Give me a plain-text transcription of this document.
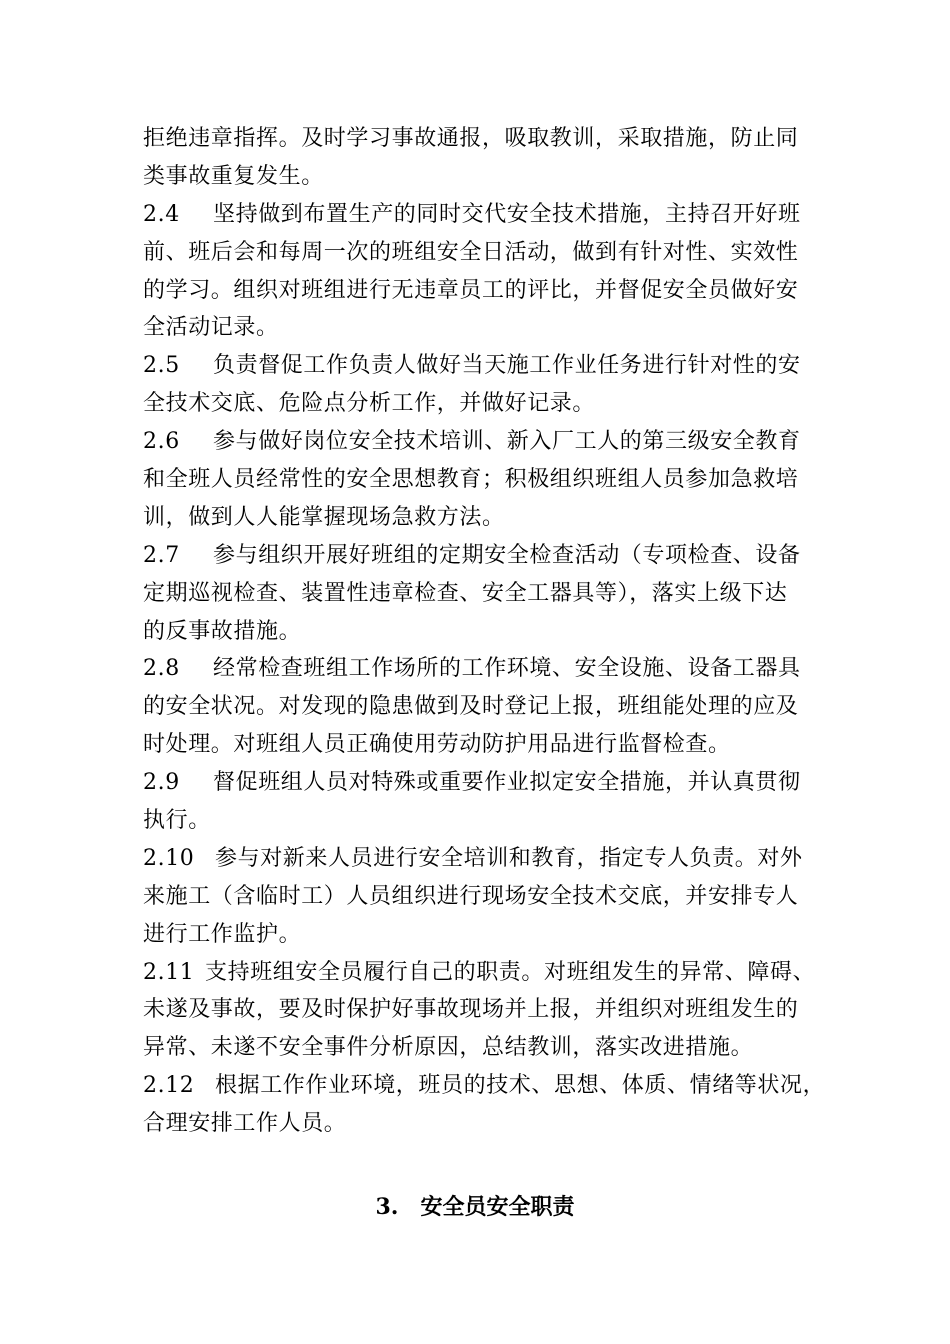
拒绝违章指挥。及时学习事故通报，吸取教训，采取措施，防止同
类事故重复发生。
2.4 坚持做到布置生产的同时交代安全技术措施，主持召开好班
前、班后会和每周一次的班组安全日活动，做到有针对性、实效性
的学习。组织对班组进行无违章员工的评比，并督促安全员做好安
全活动记录。
2.5 负责督促工作负责人做好当天施工作业任务进行针对性的安
全技术交底、危险点分析工作，并做好记录。
2.6 参与做好岗位安全技术培训、新入厂工人的第三级安全教育
和全班人员经常性的安全思想教育；积极组织班组人员参加急救培
训，做到人人能掌握现场急救方法。
2.7 参与组织开展好班组的定期安全检查活动（专项检查、设备
定期巡视检查、装置性违章检查、安全工器具等），落实上级下达
的反事故措施。
2.8 经常检查班组工作场所的工作环境、安全设施、设备工器具
的安全状况。对发现的隐患做到及时登记上报，班组能处理的应及
时处理。对班组人员正确使用劳动防护用品进行监督检查。
2.9 督促班组人员对特殊或重要作业拟定安全措施，并认真贯彻
执行。
2.10 参与对新来人员进行安全培训和教育，指定专人负责。对外
来施工（含临时工）人员组织进行现场安全技术交底，并安排专人
进行工作监护。
2.11 支持班组安全员履行自己的职责。对班组发生的异常、障碍、
未遂及事故，要及时保护好事故现场并上报，并组织对班组发生的
异常、未遂不安全事件分析原因，总结教训，落实改进措施。
2.12 根据工作作业环境，班员的技术、思想、体质、情绪等状况，
合理安排工作人员。
3. 安全员安全职责
